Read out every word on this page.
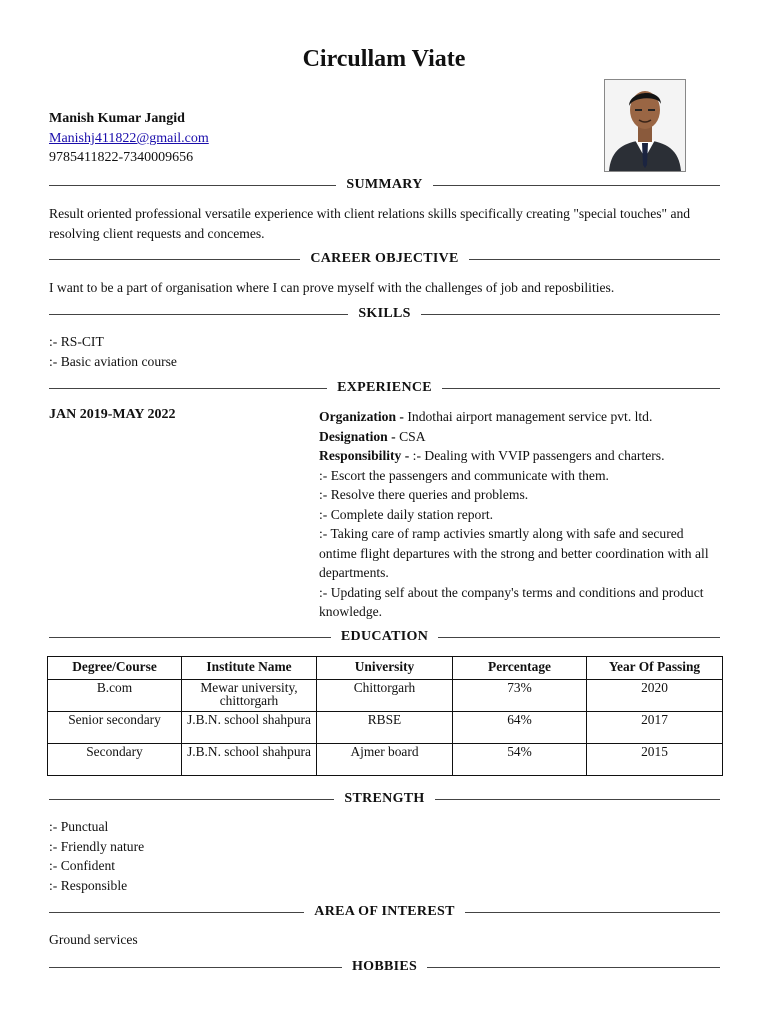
Circullam Viate
Manish Kumar Jangid
Manishj411822@gmail.com
9785411822-7340009656
SUMMARY
Result oriented professional versatile experience with client relations skills specifically creating "special touches" and resolving client requests and concemes.
CAREER OBJECTIVE
I want to be a part of organisation where I can prove myself with the challenges of job and reposbilities.
SKILLS
:- RS-CIT
:- Basic aviation course
EXPERIENCE
JAN 2019-MAY 2022	Organization - Indothai airport management service pvt. ltd.
Designation - CSA
Responsibility - :- Dealing with VVIP passengers and charters.
:- Escort the passengers and communicate with them.
:- Resolve there queries and problems.
:- Complete daily station report.
:- Taking care of ramp activies smartly along with safe and secured ontime flight departures with the strong and better coordination with all departments.
:- Updating self about the company's terms and conditions and product knowledge.
EDUCATION
Degree/Course	Institute Name	University	Percentage	Year Of Passing
B.com	Mewar university, chittorgarh	Chittorgarh	73%	2020
Senior secondary	J.B.N. school shahpura	RBSE	64%	2017
Secondary	J.B.N. school shahpura	Ajmer board	54%	2015
STRENGTH
:- Punctual
:- Friendly nature
:- Confident
:- Responsible
AREA OF INTEREST
Ground services
HOBBIES
